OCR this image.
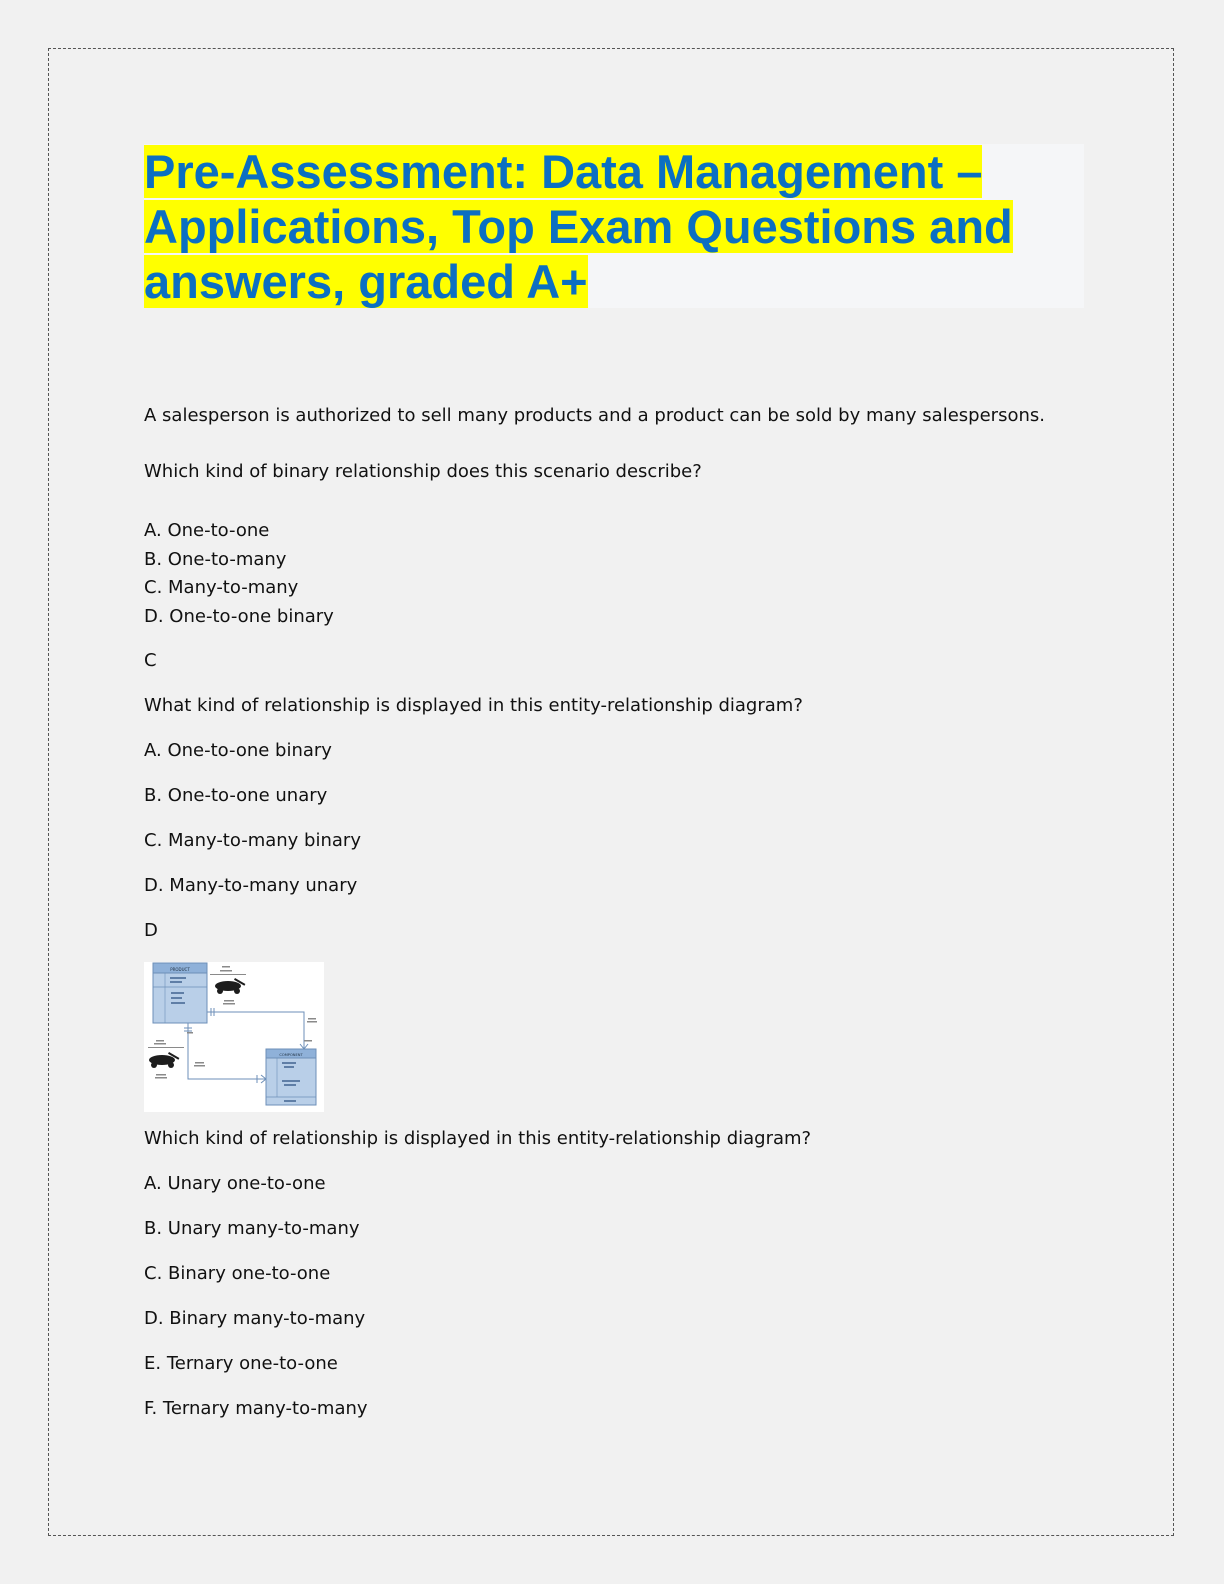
Pre-Assessment: Data Management – Applications, Top Exam Questions and answers, graded A+

A salesperson is authorized to sell many products and a product can be sold by many salespersons.

Which kind of binary relationship does this scenario describe?

A. One-to-one

B. One-to-many

C. Many-to-many

D. One-to-one binary

C

What kind of relationship is displayed in this entity-relationship diagram?

A. One-to-one binary

B. One-to-one unary

C. Many-to-many binary

D. Many-to-many unary

D

PRODUCT
COMPONENT

Which kind of relationship is displayed in this entity-relationship diagram?

A. Unary one-to-one

B. Unary many-to-many

C. Binary one-to-one

D. Binary many-to-many

E. Ternary one-to-one

F. Ternary many-to-many
